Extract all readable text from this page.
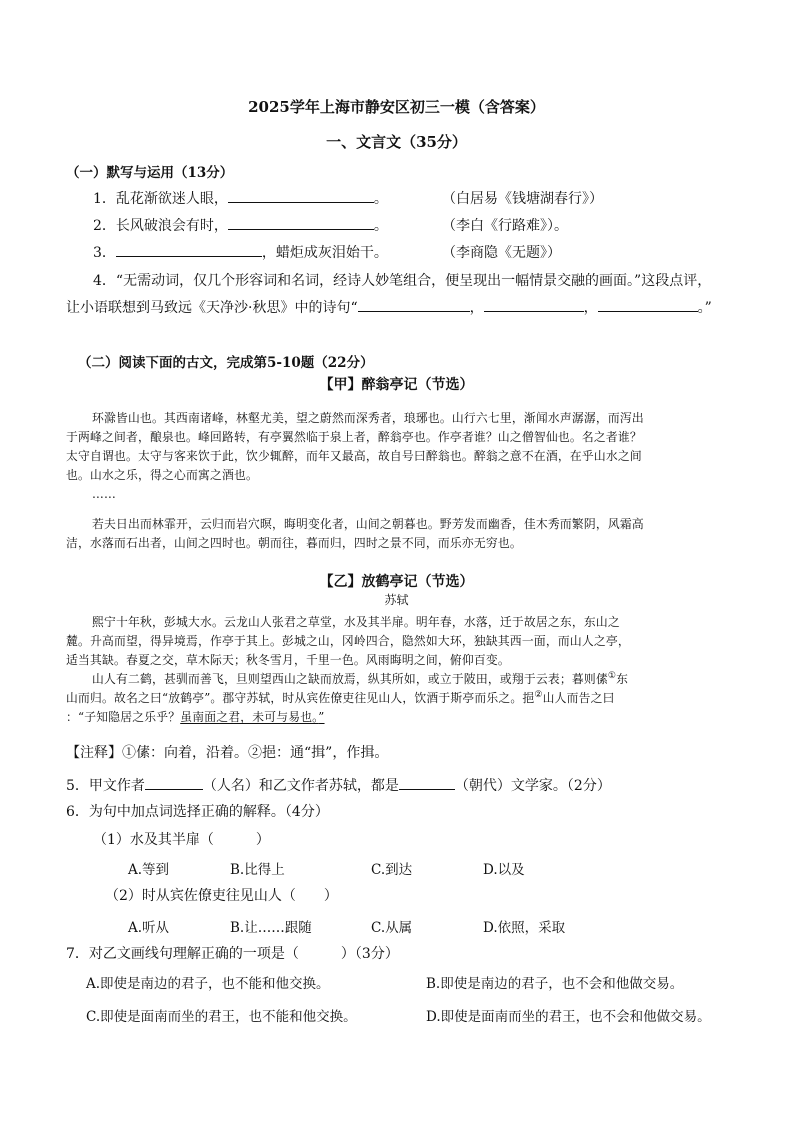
2025学年上海市静安区初三一模（含答案）
一、文言文（35分）
（一）默写与运用（13分）
1．乱花渐欲迷人眼，	。	（白居易《钱塘湖春行》）
2．长风破浪会有时，	。	（李白《行路难》）。
3．	，蜡炬成灰泪始干。	（李商隐《无题》）
4．“无需动词，仅几个形容词和名词，经诗人妙笔组合，便呈现出一幅情景交融的画面。”这段点评，
让小语联想到马致远《天净沙·秋思》中的诗句“	，	，	。”
（二）阅读下面的古文，完成第5-10题（22分）
【甲】醉翁亭记（节选）
环滁皆山也。其西南诸峰，林壑尤美，望之蔚然而深秀者，琅琊也。山行六七里，渐闻水声潺潺，而泻出
于两峰之间者，酿泉也。峰回路转，有亭翼然临于泉上者，醉翁亭也。作亭者谁？山之僧智仙也。名之者谁？
太守自谓也。太守与客来饮于此，饮少辄醉，而年又最高，故自号曰醉翁也。醉翁之意不在酒，在乎山水之间
也。山水之乐，得之心而寓之酒也。
……
若夫日出而林霏开，云归而岩穴暝，晦明变化者，山间之朝暮也。野芳发而幽香，佳木秀而繁阴，风霜高
洁，水落而石出者，山间之四时也。朝而往，暮而归，四时之景不同，而乐亦无穷也。
【乙】放鹤亭记（节选）
苏轼
熙宁十年秋，彭城大水。云龙山人张君之草堂，水及其半扉。明年春，水落，迁于故居之东，东山之
麓。升高而望，得异境焉，作亭于其上。彭城之山，冈岭四合，隐然如大环，独缺其西一面，而山人之亭，
适当其缺。春夏之交，草木际天；秋冬雪月，千里一色。风雨晦明之间，俯仰百变。
山人有二鹤，甚驯而善飞，旦则望西山之缺而放焉，纵其所如，或立于陂田，或翔于云表；暮则傃①东
山而归。故名之曰“放鹤亭”。郡守苏轼，时从宾佐僚吏往见山人，饮酒于斯亭而乐之。挹②山人而告之曰
：“子知隐居之乐乎？虽南面之君，未可与易也。”
【注释】①傃：向着，沿着。②挹：通“揖”，作揖。
5．甲文作者	（人名）和乙文作者苏轼，都是	（朝代）文学家。（2分）
6．为句中加点词选择正确的解释。（4分）
（1）水及其半扉（　　　）
A.等到	B.比得上	C.到达	D.以及
（2）时从宾佐僚吏往见山人（　　）
A.听从	B.让……跟随	C.从属	D.依照，采取
7．对乙文画线句理解正确的一项是（　　　）（3分）
A.即使是南边的君子，也不能和他交换。	B.即使是南边的君子，也不会和他做交易。
C.即使是面南而坐的君王，也不能和他交换。	D.即使是面南而坐的君王，也不会和他做交易。
